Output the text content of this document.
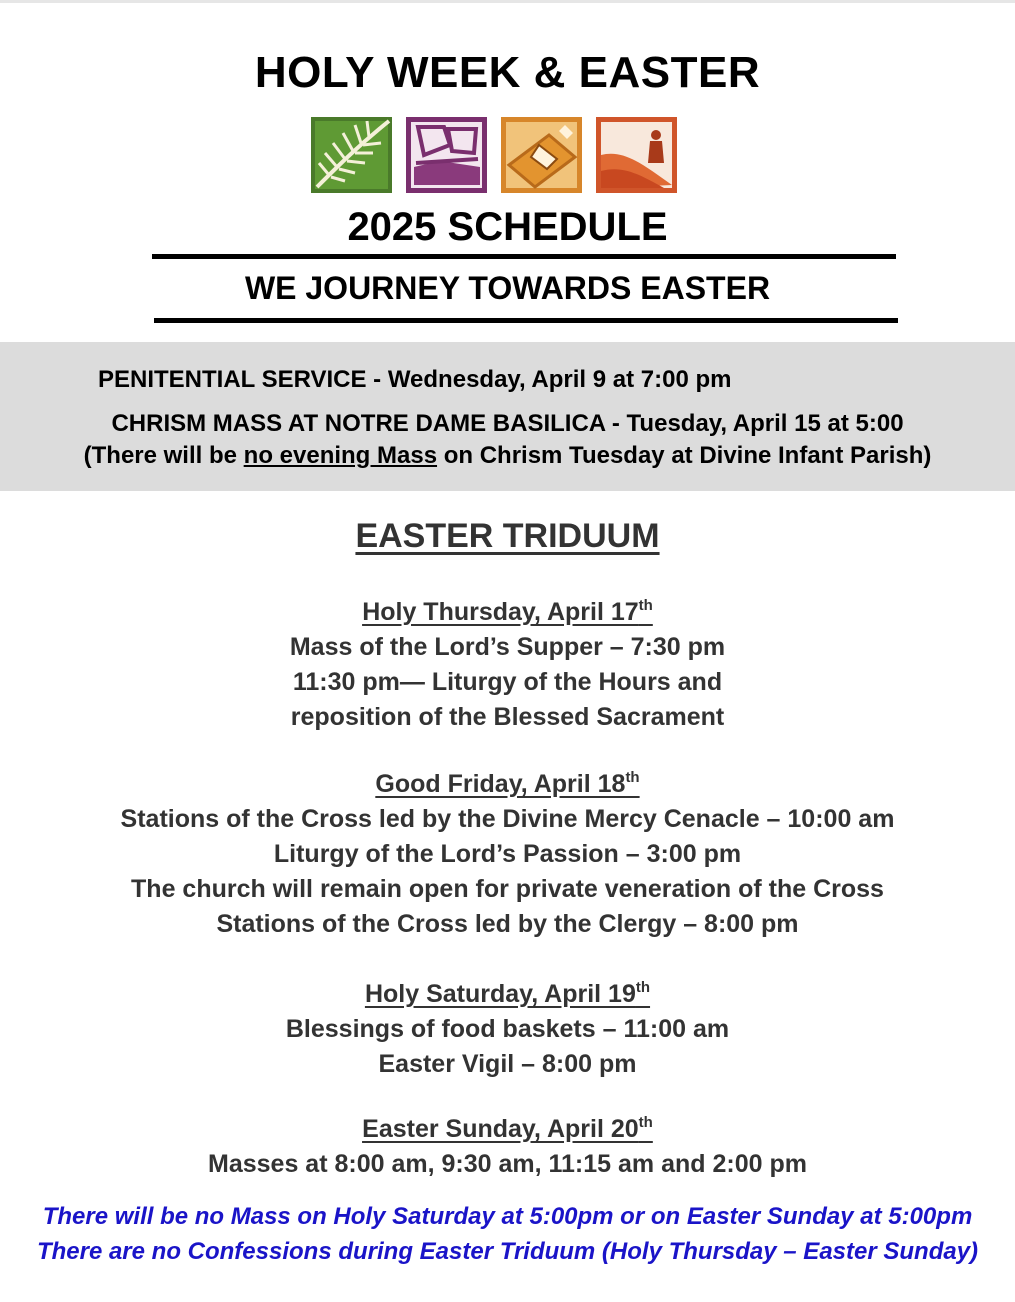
HOLY WEEK & EASTER
2025 SCHEDULE
WE JOURNEY TOWARDS EASTER
PENITENTIAL SERVICE - Wednesday, April 9 at 7:00 pm
CHRISM MASS AT NOTRE DAME BASILICA - Tuesday, April 15 at 5:00
(There will be no evening Mass on Chrism Tuesday at Divine Infant Parish)
EASTER TRIDUUM
Holy Thursday, April 17th
Mass of the Lord’s Supper – 7:30 pm
11:30 pm— Liturgy of the Hours and
reposition of the Blessed Sacrament
Good Friday, April 18th
Stations of the Cross led by the Divine Mercy Cenacle – 10:00 am
Liturgy of the Lord’s Passion – 3:00 pm
The church will remain open for private veneration of the Cross
Stations of the Cross led by the Clergy – 8:00 pm
Holy Saturday, April 19th
Blessings of food baskets – 11:00 am
Easter Vigil – 8:00 pm
Easter Sunday, April 20th
Masses at 8:00 am, 9:30 am, 11:15 am and 2:00 pm
There will be no Mass on Holy Saturday at 5:00pm or on Easter Sunday at 5:00pm
There are no Confessions during Easter Triduum (Holy Thursday – Easter Sunday)
